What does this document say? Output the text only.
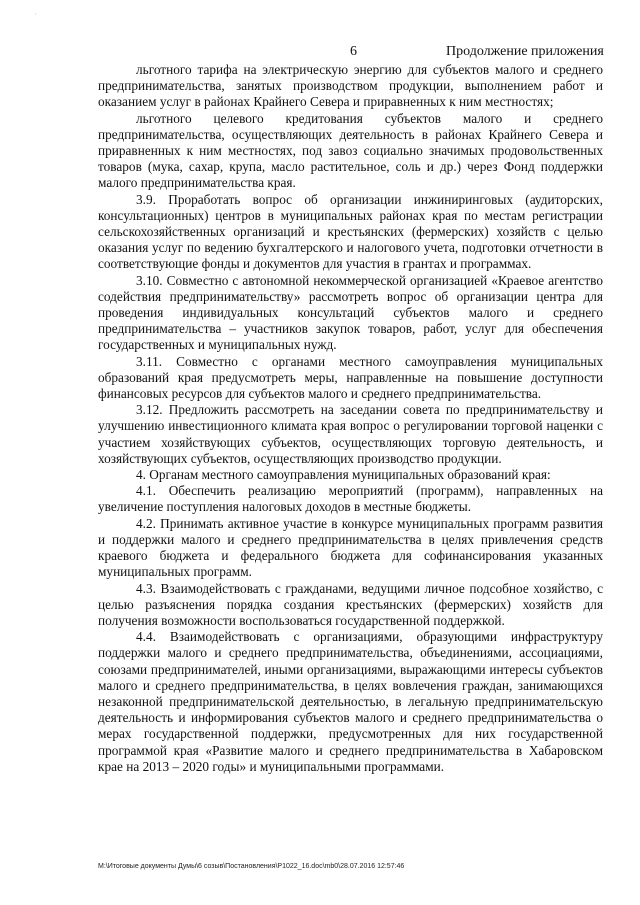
·
6	Продолжение приложения

льготного тарифа на электрическую энергию для субъектов малого и среднего предпринимательства, занятых производством продукции, выполнением работ и оказанием услуг в районах Крайнего Севера и приравненных к ним местностях;

льготного целевого кредитования субъектов малого и среднего предпринимательства, осуществляющих деятельность в районах Крайнего Севера и приравненных к ним местностях, под завоз социально значимых продовольственных товаров (мука, сахар, крупа, масло растительное, соль и др.) через Фонд поддержки малого предпринимательства края.

3.9. Проработать вопрос об организации инжиниринговых (аудиторских, консультационных) центров в муниципальных районах края по местам регистрации сельскохозяйственных организаций и крестьянских (фермерских) хозяйств с целью оказания услуг по ведению бухгалтерского и налогового учета, подготовки отчетности в соответствующие фонды и документов для участия в грантах и программах.

3.10. Совместно с автономной некоммерческой организацией «Краевое агентство содействия предпринимательству» рассмотреть вопрос об организации центра для проведения индивидуальных консультаций субъектов малого и среднего предпринимательства – участников закупок товаров, работ, услуг для обеспечения государственных и муниципальных нужд.

3.11. Совместно с органами местного самоуправления муниципальных образований края предусмотреть меры, направленные на повышение доступности финансовых ресурсов для субъектов малого и среднего предпринимательства.

3.12. Предложить рассмотреть на заседании совета по предпринимательству и улучшению инвестиционного климата края вопрос о регулировании торговой наценки с участием хозяйствующих субъектов, осуществляющих торговую деятельность, и хозяйствующих субъектов, осуществляющих производство продукции.

4. Органам местного самоуправления муниципальных образований края:

4.1. Обеспечить реализацию мероприятий (программ), направленных на увеличение поступления налоговых доходов в местные бюджеты.

4.2. Принимать активное участие в конкурсе муниципальных программ развития и поддержки малого и среднего предпринимательства в целях привлечения средств краевого бюджета и федерального бюджета для софинансирования указанных муниципальных программ.

4.3. Взаимодействовать с гражданами, ведущими личное подсобное хозяйство, с целью разъяснения порядка создания крестьянских (фермерских) хозяйств для получения возможности воспользоваться государственной поддержкой.

4.4. Взаимодействовать с организациями, образующими инфраструктуру поддержки малого и среднего предпринимательства, объединениями, ассоциациями, союзами предпринимателей, иными организациями, выражающими интересы субъектов малого и среднего предпринимательства, в целях вовлечения граждан, занимающихся незаконной предпринимательской деятельностью, в легальную предпринимательскую деятельность и информирования субъектов малого и среднего предпринимательства о мерах государственной поддержки, предусмотренных для них государственной программой края «Развитие малого и среднего предпринимательства в Хабаровском крае на 2013 – 2020 годы» и муниципальными программами.

M:\Итоговые документы Думы\6 созыв\Постановления\P1022_16.doc\mb0\28.07.2016 12:57:46
